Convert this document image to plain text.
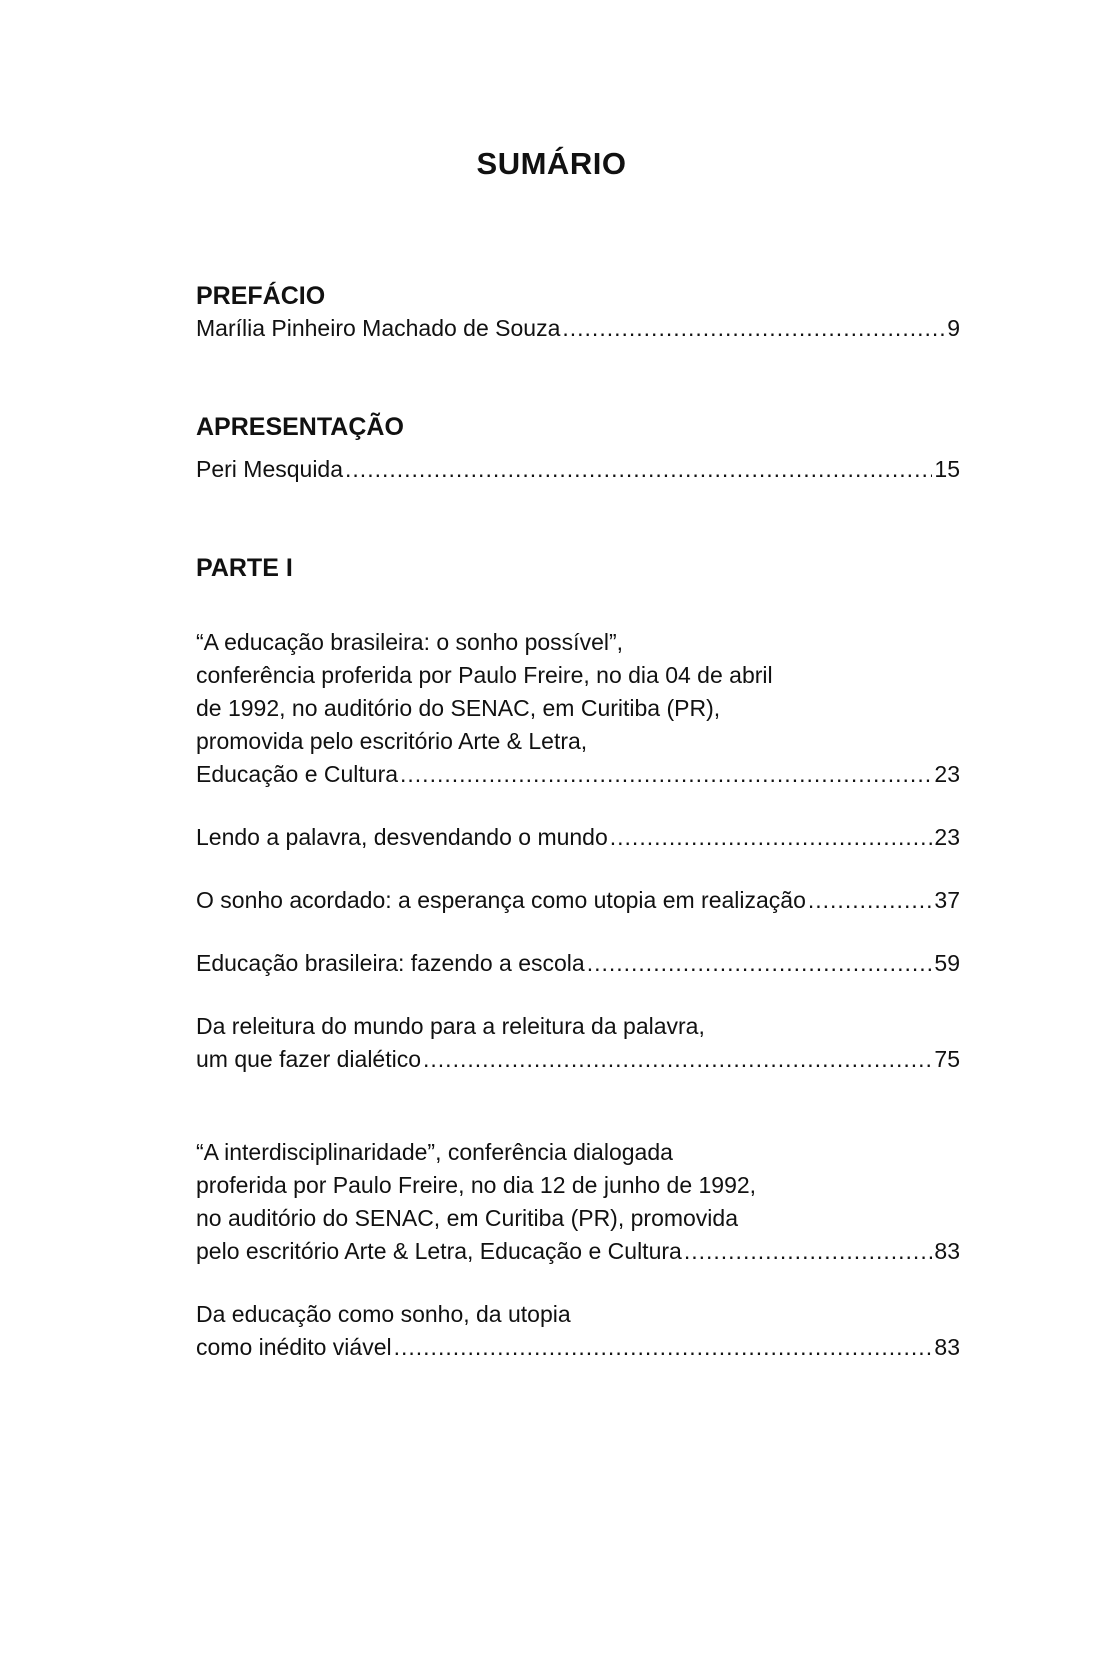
SUMÁRIO
PREFÁCIO
Marília Pinheiro Machado de Souza .....	9
APRESENTAÇÃO
Peri Mesquida .....	15
PARTE I
“A educação brasileira: o sonho possível”,
conferência proferida por Paulo Freire, no dia 04 de abril
de 1992, no auditório do SENAC, em Curitiba (PR),
promovida pelo escritório Arte & Letra,
Educação e Cultura .....	23
Lendo a palavra, desvendando o mundo .....	23
O sonho acordado: a esperança como utopia em realização .....	37
Educação brasileira: fazendo a escola .....	59
Da releitura do mundo para a releitura da palavra,
um que fazer dialético .....	75
“A interdisciplinaridade”, conferência dialogada
proferida por Paulo Freire, no dia 12 de junho de 1992,
no auditório do SENAC, em Curitiba (PR), promovida
pelo escritório Arte & Letra, Educação e Cultura .....	83
Da educação como sonho, da utopia
como inédito viável .....	83
